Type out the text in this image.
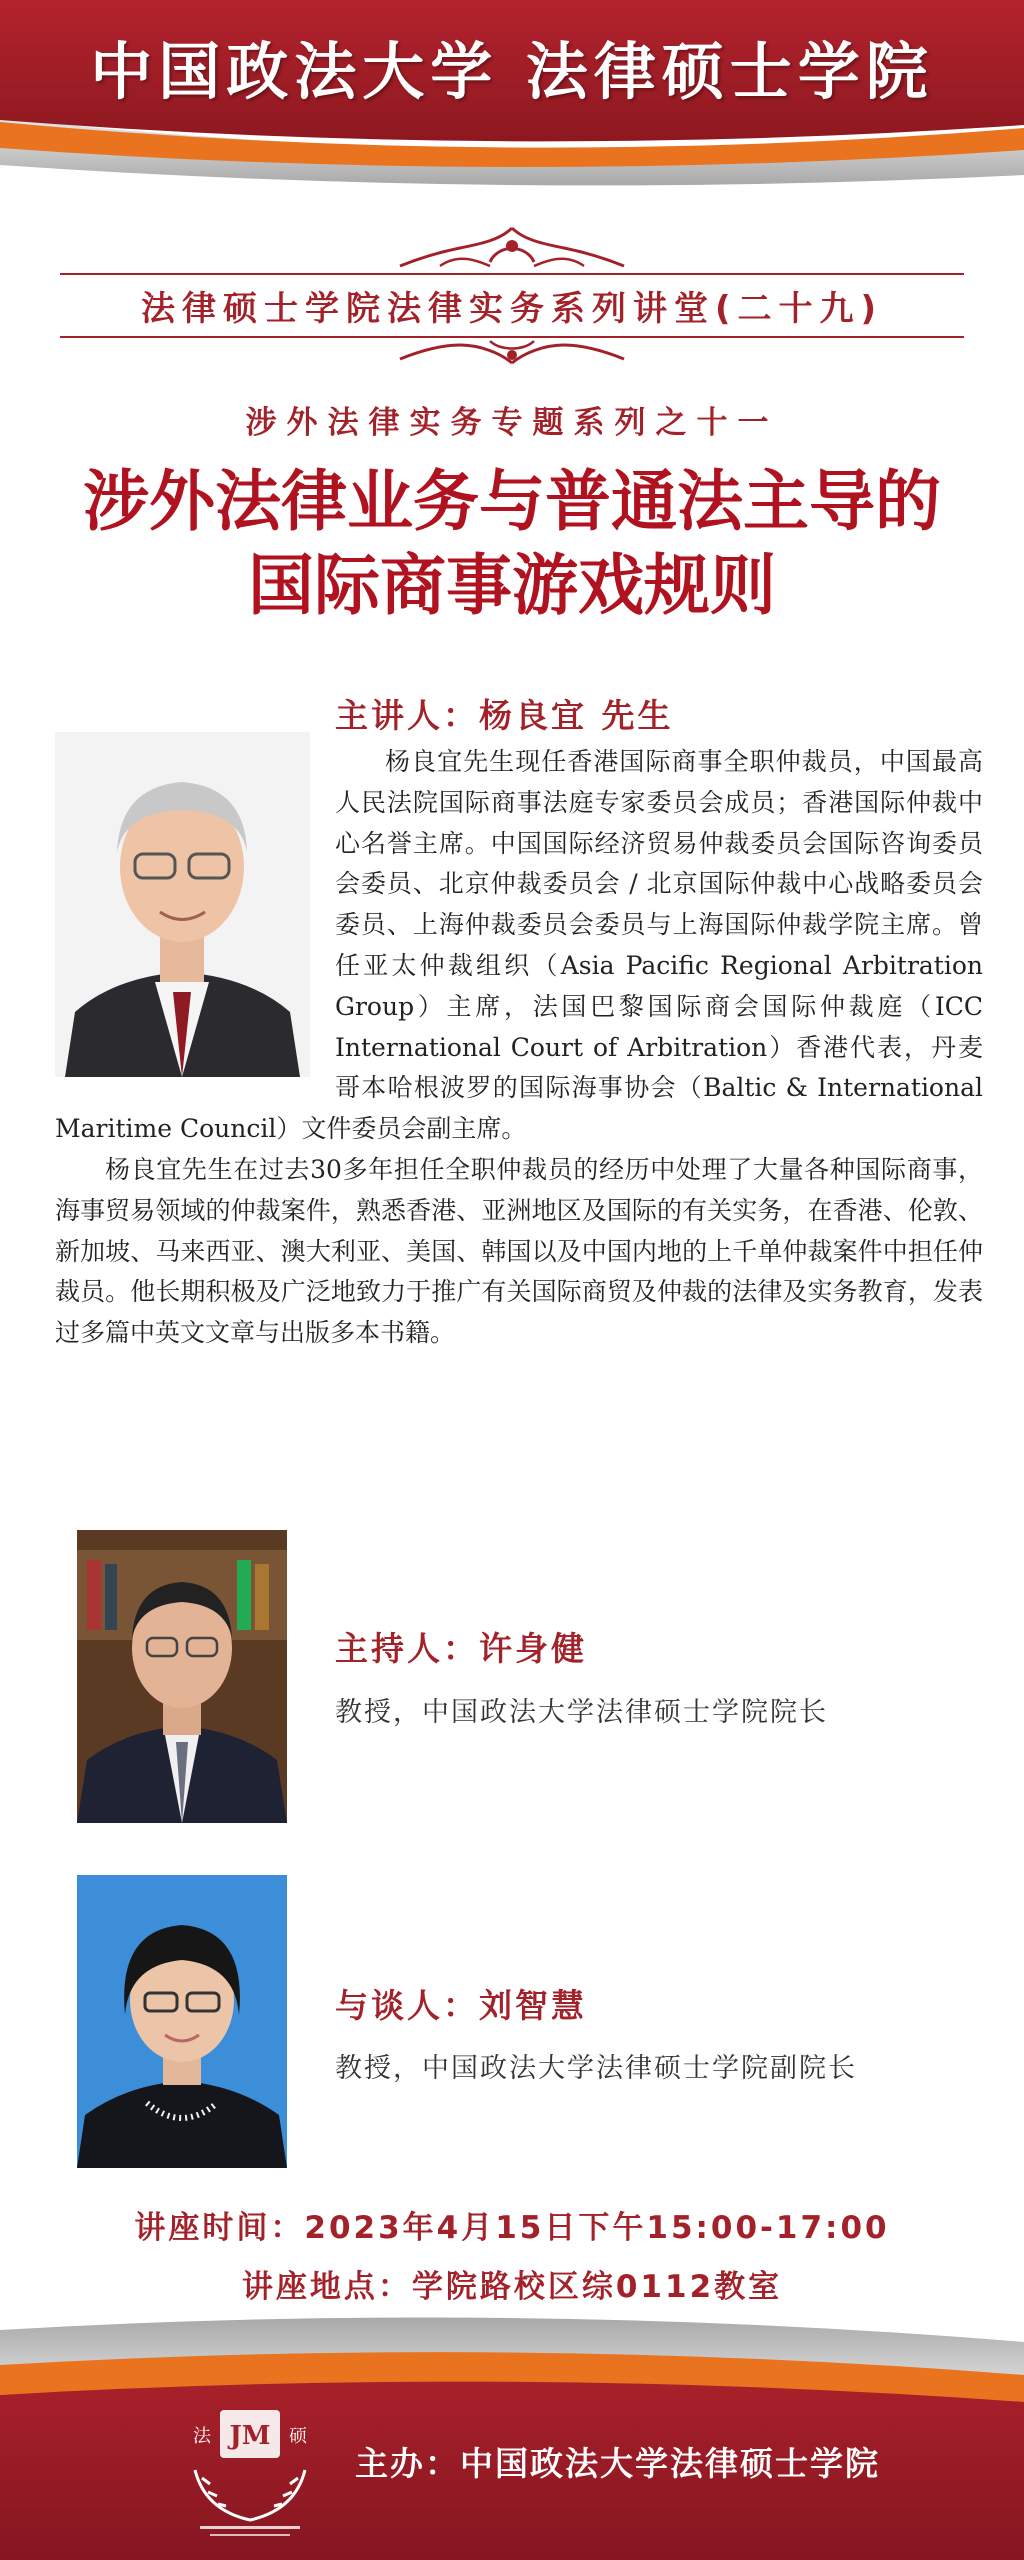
中国政法大学 法律硕士学院
法律硕士学院法律实务系列讲堂(二十九)
涉外法律实务专题系列之十一
涉外法律业务与普通法主导的
国际商事游戏规则
主讲人：杨良宜 先生

杨良宜先生现任香港国际商事全职仲裁员，中国最高人民法院国际商事法庭专家委员会成员；香港国际仲裁中心名誉主席。中国国际经济贸易仲裁委员会国际咨询委员会委员、北京仲裁委员会 / 北京国际仲裁中心战略委员会委员、上海仲裁委员会委员与上海国际仲裁学院主席。曾任亚太仲裁组织（Asia Pacific Regional Arbitration Group）主席，法国巴黎国际商会国际仲裁庭（ICC International Court of Arbitration）香港代表，丹麦哥本哈根波罗的国际海事协会（Baltic & International Maritime Council）文件委员会副主席。

杨良宜先生在过去30多年担任全职仲裁员的经历中处理了大量各种国际商事，海事贸易领域的仲裁案件，熟悉香港、亚洲地区及国际的有关实务，在香港、伦敦、新加坡、马来西亚、澳大利亚、美国、韩国以及中国内地的上千单仲裁案件中担任仲裁员。他长期积极及广泛地致力于推广有关国际商贸及仲裁的法律及实务教育，发表过多篇中英文文章与出版多本书籍。

主持人：许身健
教授，中国政法大学法律硕士学院院长
与谈人：刘智慧
教授，中国政法大学法律硕士学院副院长
讲座时间：2023年4月15日下午15:00-17:00
讲座地点：学院路校区综0112教室
JM
法	硕
主办：中国政法大学法律硕士学院
